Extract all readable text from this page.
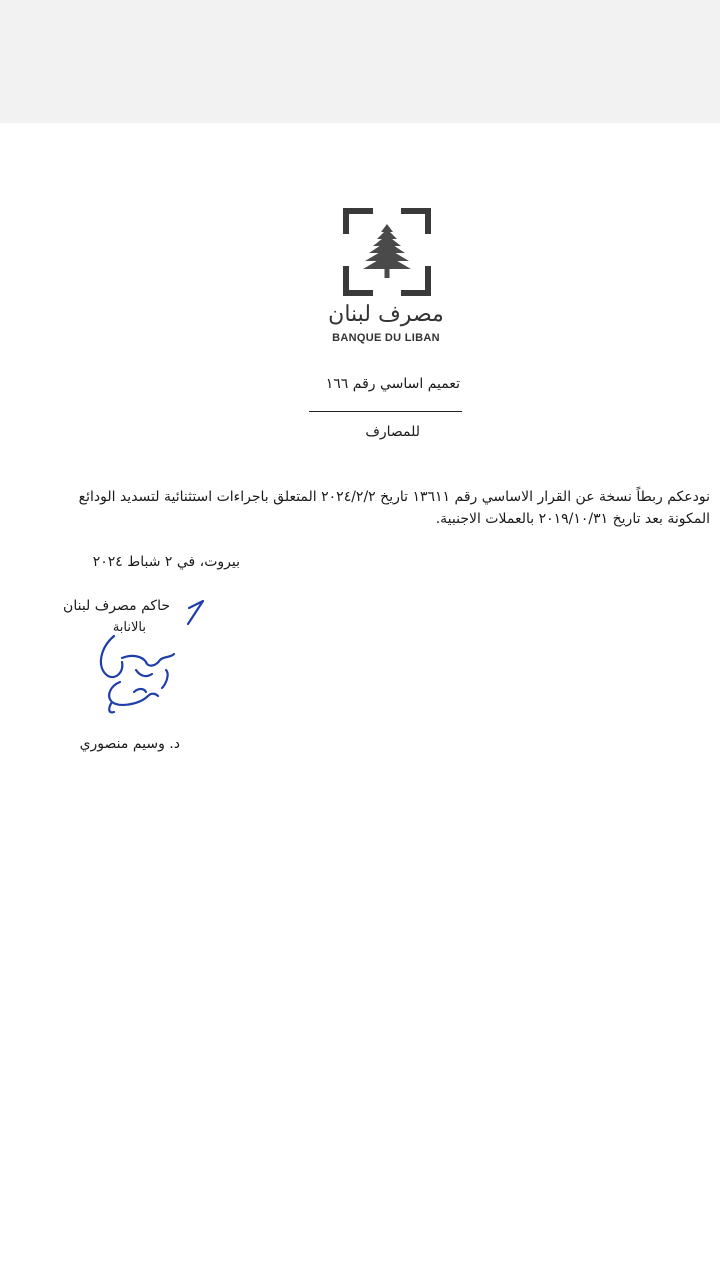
مصرف لبنان
BANQUE DU LIBAN
تعميم اساسي رقم ١٦٦
للمصارف
نودعكم ربطاً نسخة عن القرار الاساسي رقم ١٣٦١١ تاريخ ٢٠٢٤/٢/٢ المتعلق باجراءات استثنائية لتسديد الودائع المكونة بعد تاريخ ٢٠١٩/١٠/٣١ بالعملات الاجنبية.
بيروت، في ٢ شباط ٢٠٢٤
حاكم مصرف لبنان
بالانابة
د. وسيم منصوري
